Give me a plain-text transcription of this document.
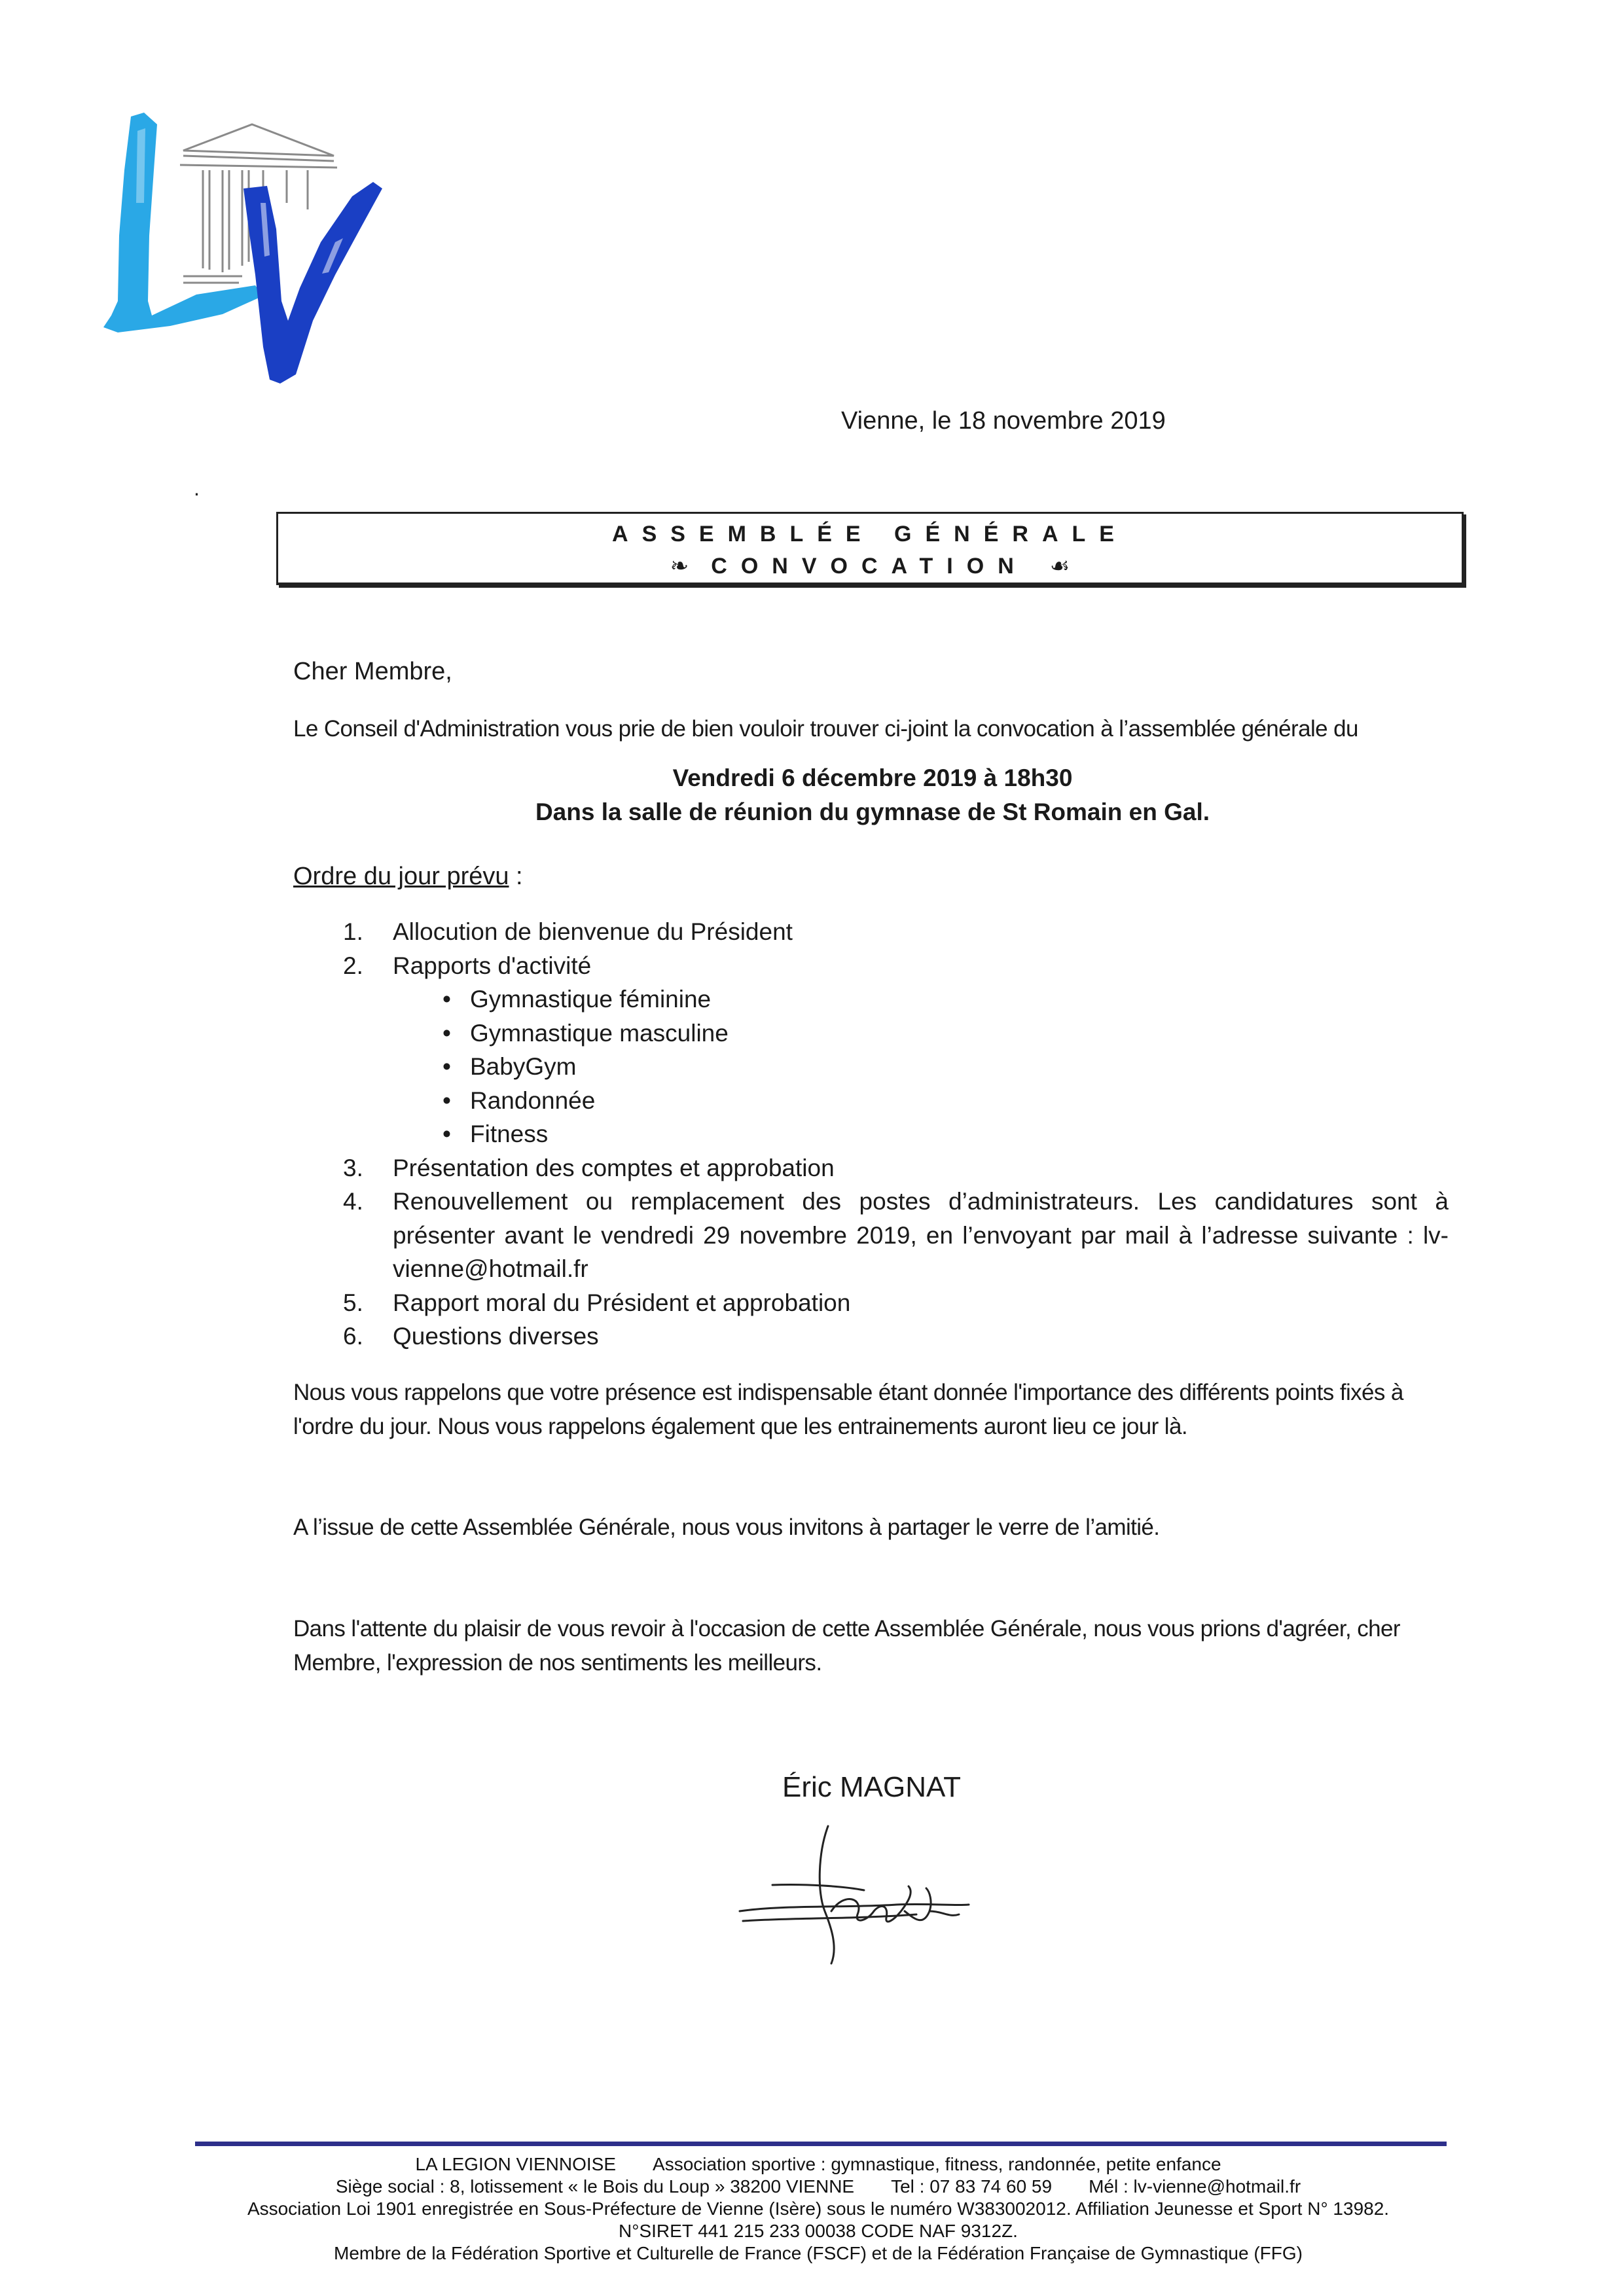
Vienne, le 18 novembre 2019
.
ASSEMBLÉE GÉNÉRALE
❧ CONVOCATION ☙
Cher Membre,
Le Conseil d'Administration vous prie de bien vouloir trouver ci-joint la convocation à l’assemblée générale du
Vendredi 6 décembre 2019 à 18h30
Dans la salle de réunion du gymnase de St Romain en Gal.
Ordre du jour prévu :
1. Allocution de bienvenue du Président
2. Rapports d'activité
• Gymnastique féminine
• Gymnastique masculine
• BabyGym
• Randonnée
• Fitness
3. Présentation des comptes et approbation
4. Renouvellement ou remplacement des postes d’administrateurs. Les candidatures sont à présenter avant le vendredi 29 novembre 2019, en l’envoyant par mail à l’adresse suivante : lv-vienne@hotmail.fr
5. Rapport moral du Président et approbation
6. Questions diverses
Nous vous rappelons que votre présence est indispensable étant donnée l'importance des différents points fixés à l'ordre du jour. Nous vous rappelons également que les entrainements auront lieu ce jour là.
A l’issue de cette Assemblée Générale, nous vous invitons à partager le verre de l’amitié.
Dans l'attente du plaisir de vous revoir à l'occasion de cette Assemblée Générale, nous vous prions d'agréer, cher Membre, l'expression de nos sentiments les meilleurs.
Éric MAGNAT
LA LEGION VIENNOISE Association sportive : gymnastique, fitness, randonnée, petite enfance
Siège social : 8, lotissement « le Bois du Loup » 38200 VIENNE Tel : 07 83 74 60 59 Mél : lv-vienne@hotmail.fr
Association Loi 1901 enregistrée en Sous-Préfecture de Vienne (Isère) sous le numéro W383002012. Affiliation Jeunesse et Sport N° 13982.
N°SIRET 441 215 233 00038 CODE NAF 9312Z.
Membre de la Fédération Sportive et Culturelle de France (FSCF) et de la Fédération Française de Gymnastique (FFG)
